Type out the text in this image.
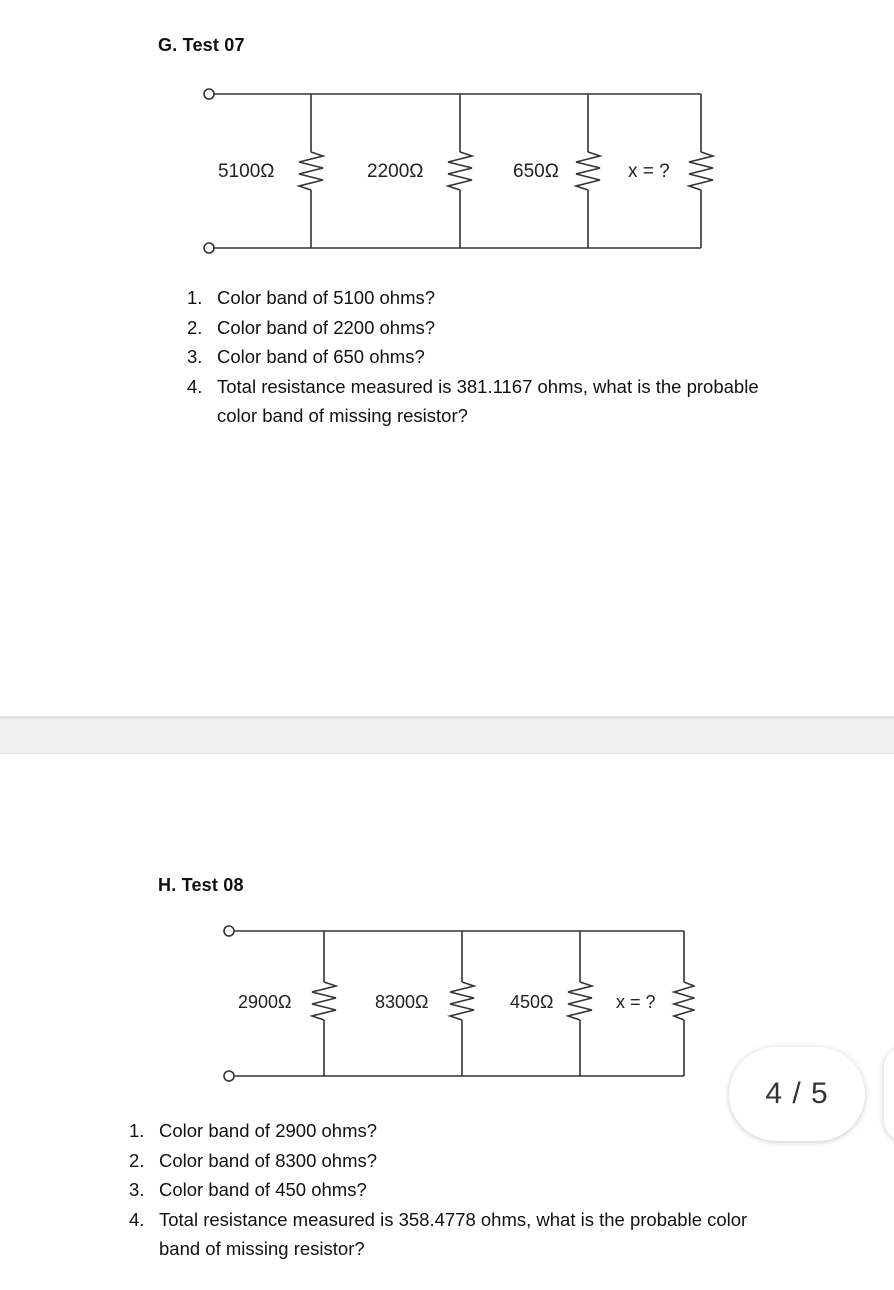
G. Test 07
5100Ω	2200Ω	650Ω	x = ?
1. Color band of 5100 ohms?
2. Color band of 2200 ohms?
3. Color band of 650 ohms?
4. Total resistance measured is 381.1167 ohms, what is the probable
color band of missing resistor?
H. Test 08
2900Ω	8300Ω	450Ω	x = ?
1. Color band of 2900 ohms?
2. Color band of 8300 ohms?
3. Color band of 450 ohms?
4. Total resistance measured is 358.4778 ohms, what is the probable color
band of missing resistor?
4 / 5
